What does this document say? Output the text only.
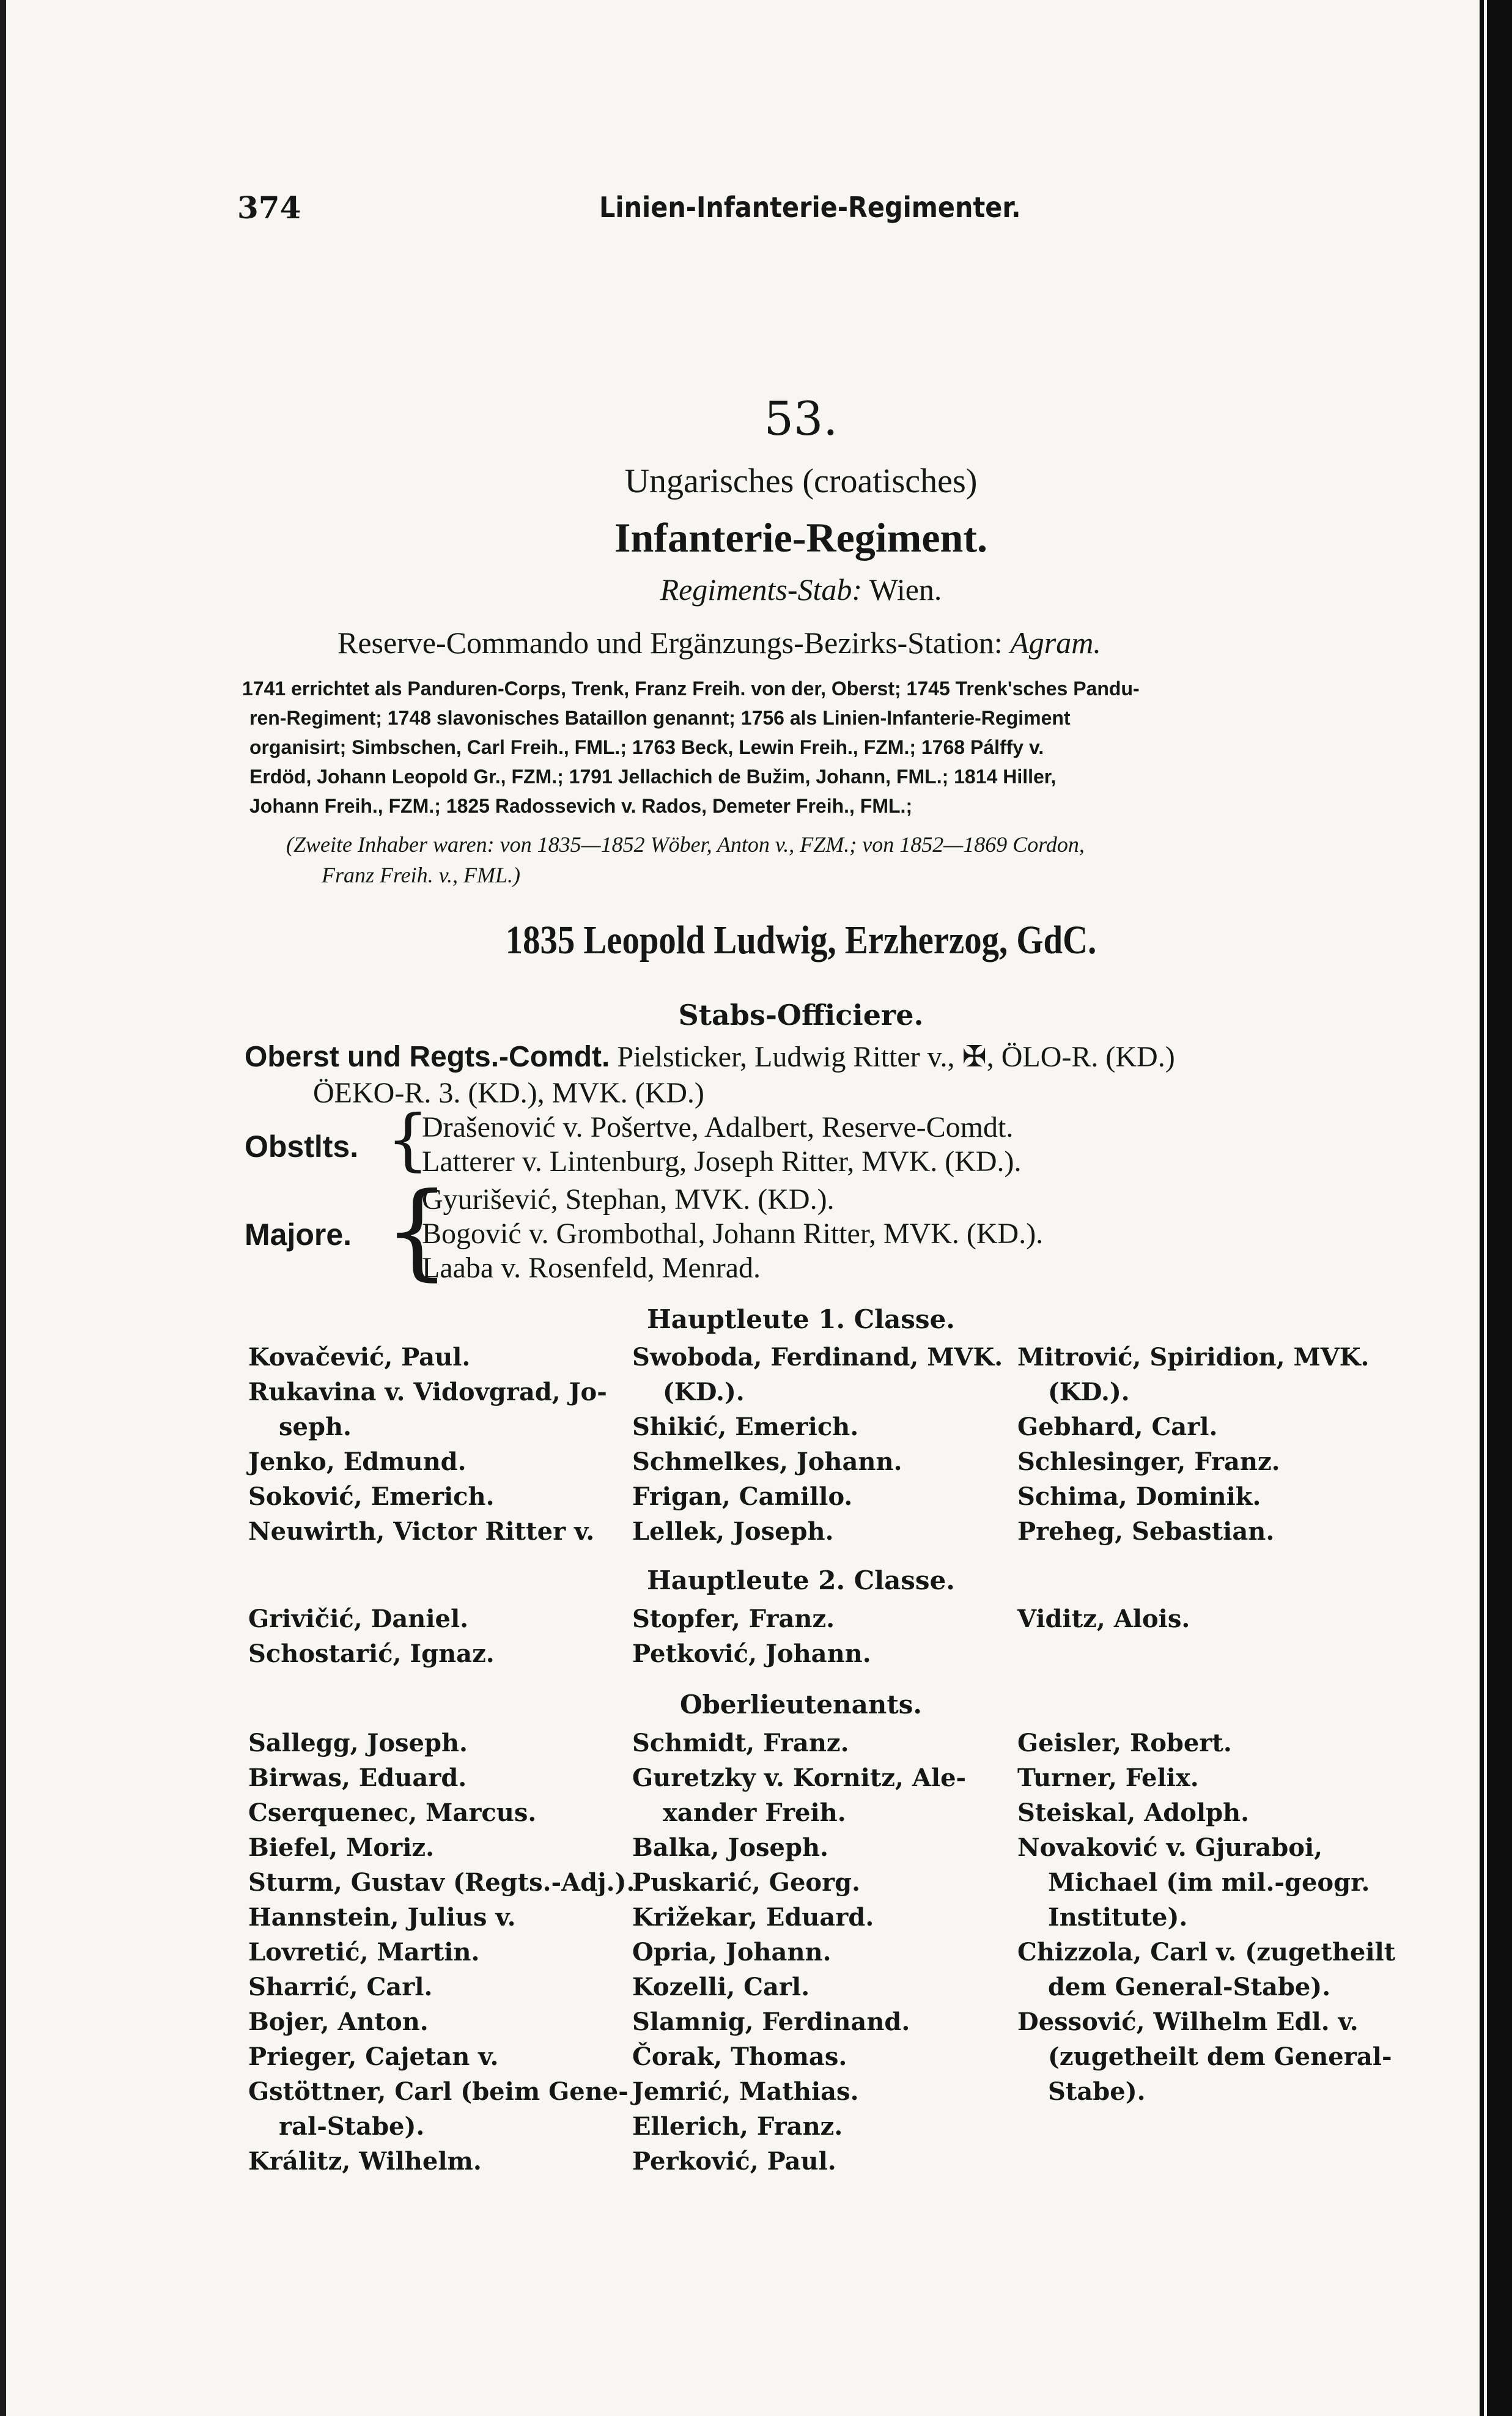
374	Linien-Infanterie-Regimenter.
53.
Ungarisches (croatisches)
Infanterie-Regiment.
Regiments-Stab: Wien.
Reserve-Commando und Ergänzungs-Bezirks-Station: Agram.
1741 errichtet als Panduren-Corps, Trenk, Franz Freih. von der, Oberst; 1745 Trenk'sches Pandu-
ren-Regiment; 1748 slavonisches Bataillon genannt; 1756 als Linien-Infanterie-Regiment
organisirt; Simbschen, Carl Freih., FML.; 1763 Beck, Lewin Freih., FZM.; 1768 Pálffy v.
Erdöd, Johann Leopold Gr., FZM.; 1791 Jellachich de Bužim, Johann, FML.; 1814 Hiller,
Johann Freih., FZM.; 1825 Radossevich v. Rados, Demeter Freih., FML.;
(Zweite Inhaber waren: von 1835—1852 Wöber, Anton v., FZM.; von 1852—1869 Cordon,
Franz Freih. v., FML.)
1835 Leopold Ludwig, Erzherzog, GdC.
Stabs-Officiere.
Oberst und Regts.-Comdt. Pielsticker, Ludwig Ritter v., ✠, ÖLO-R. (KD.)
ÖEKO-R. 3. (KD.), MVK. (KD.)
Obstlts. {
Drašenović v. Pošertve, Adalbert, Reserve-Comdt.
Latterer v. Lintenburg, Joseph Ritter, MVK. (KD.).
Majore. {
Gyurišević, Stephan, MVK. (KD.).
Bogović v. Grombothal, Johann Ritter, MVK. (KD.).
Laaba v. Rosenfeld, Menrad.
Hauptleute 1. Classe.
Kovačević, Paul.
Rukavina v. Vidovgrad, Jo-
seph.
Jenko, Edmund.
Soković, Emerich.
Neuwirth, Victor Ritter v.
Swoboda, Ferdinand, MVK.
(KD.).
Shikić, Emerich.
Schmelkes, Johann.
Frigan, Camillo.
Lellek, Joseph.
Mitrović, Spiridion, MVK.
(KD.).
Gebhard, Carl.
Schlesinger, Franz.
Schima, Dominik.
Preheg, Sebastian.
Hauptleute 2. Classe.
Grivičić, Daniel.
Schostarić, Ignaz.
Stopfer, Franz.
Petković, Johann.
Viditz, Alois.
Oberlieutenants.
Sallegg, Joseph.
Birwas, Eduard.
Cserquenec, Marcus.
Biefel, Moriz.
Sturm, Gustav (Regts.-Adj.).
Hannstein, Julius v.
Lovretić, Martin.
Sharrić, Carl.
Bojer, Anton.
Prieger, Cajetan v.
Gstöttner, Carl (beim Gene-
ral-Stabe).
Králitz, Wilhelm.
Schmidt, Franz.
Guretzky v. Kornitz, Ale-
xander Freih.
Balka, Joseph.
Puskarić, Georg.
Križekar, Eduard.
Opria, Johann.
Kozelli, Carl.
Slamnig, Ferdinand.
Čorak, Thomas.
Jemrić, Mathias.
Ellerich, Franz.
Perković, Paul.
Geisler, Robert.
Turner, Felix.
Steiskal, Adolph.
Novaković v. Gjuraboi,
Michael (im mil.-geogr.
Institute).
Chizzola, Carl v. (zugetheilt
dem General-Stabe).
Dessović, Wilhelm Edl. v.
(zugetheilt dem General-
Stabe).
